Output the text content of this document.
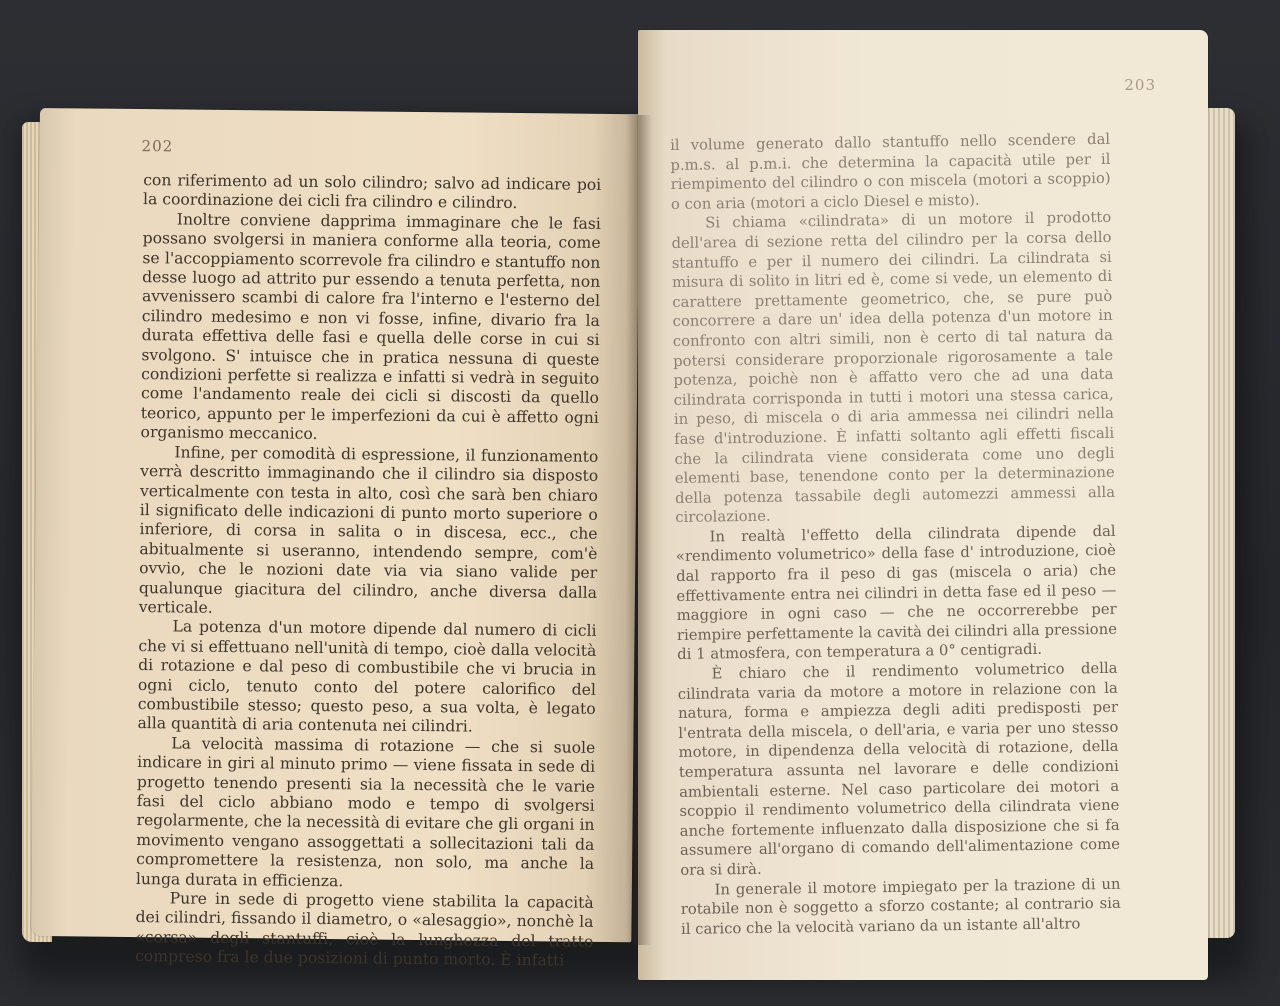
202

con riferimento ad un solo cilindro; salvo ad indicare poi la coordinazione dei cicli fra cilindro e cilindro.

Inoltre conviene dapprima immaginare che le fasi possano svolgersi in maniera conforme alla teoria, come se l'accoppiamento scorrevole fra cilindro e stantuffo non desse luogo ad attrito pur essendo a tenuta perfetta, non avvenissero scambi di calore fra l'interno e l'esterno del cilindro medesimo e non vi fosse, infine, divario fra la durata effettiva delle fasi e quella delle corse in cui si svolgono. S' intuisce che in pratica nessuna di queste condizioni perfette si realizza e infatti si vedrà in seguito come l'andamento reale dei cicli si discosti da quello teorico, appunto per le imperfezioni da cui è affetto ogni organismo meccanico.

Infine, per comodità di espressione, il funzionamento verrà descritto immaginando che il cilindro sia disposto verticalmente con testa in alto, così che sarà ben chiaro il significato delle indicazioni di punto morto superiore o inferiore, di corsa in salita o in discesa, ecc., che abitualmente si useranno, intendendo sempre, com'è ovvio, che le nozioni date via via siano valide per qualunque giacitura del cilindro, anche diversa dalla verticale.

La potenza d'un motore dipende dal numero di cicli che vi si effettuano nell'unità di tempo, cioè dalla velocità di rotazione e dal peso di combustibile che vi brucia in ogni ciclo, tenuto conto del potere calorifico del combustibile stesso; questo peso, a sua volta, è legato alla quantità di aria contenuta nei cilindri.

La velocità massima di rotazione — che si suole indicare in giri al minuto primo — viene fissata in sede di progetto tenendo presenti sia la necessità che le varie fasi del ciclo abbiano modo e tempo di svolgersi regolarmente, che la necessità di evitare che gli organi in movimento vengano assoggettati a sollecitazioni tali da compromettere la resistenza, non solo, ma anche la lunga durata in efficienza.

Pure in sede di progetto viene stabilita la capacità dei cilindri, fissando il diametro, o «alesaggio», nonchè la «corsa» degli stantuffi, cioè la lunghezza del tratto compreso fra le due posizioni di punto morto. È infatti

203

il volume generato dallo stantuffo nello scendere dal p.m.s. al p.m.i. che determina la capacità utile per il riempimento del cilindro o con miscela (motori a scoppio) o con aria (motori a ciclo Diesel e misto).

Si chiama «cilindrata» di un motore il prodotto dell'area di sezione retta del cilindro per la corsa dello stantuffo e per il numero dei cilindri. La cilindrata si misura di solito in litri ed è, come si vede, un elemento di carattere prettamente geometrico, che, se pure può concorrere a dare un' idea della potenza d'un motore in confronto con altri simili, non è certo di tal natura da potersi considerare proporzionale rigorosamente a tale potenza, poichè non è affatto vero che ad una data cilindrata corrisponda in tutti i motori una stessa carica, in peso, di miscela o di aria ammessa nei cilindri nella fase d'introduzione. È infatti soltanto agli effetti fiscali che la cilindrata viene considerata come uno degli elementi base, tenendone conto per la determinazione della potenza tassabile degli automezzi ammessi alla circolazione.

In realtà l'effetto della cilindrata dipende dal «rendimento volumetrico» della fase d' introduzione, cioè dal rapporto fra il peso di gas (miscela o aria) che effettivamente entra nei cilindri in detta fase ed il peso — maggiore in ogni caso — che ne occorrerebbe per riempire perfettamente la cavità dei cilindri alla pressione di 1 atmosfera, con temperatura a 0° centigradi.

È chiaro che il rendimento volumetrico della cilindrata varia da motore a motore in relazione con la natura, forma e ampiezza degli aditi predisposti per l'entrata della miscela, o dell'aria, e varia per uno stesso motore, in dipendenza della velocità di rotazione, della temperatura assunta nel lavorare e delle condizioni ambientali esterne. Nel caso particolare dei motori a scoppio il rendimento volumetrico della cilindrata viene anche fortemente influenzato dalla disposizione che si fa assumere all'organo di comando dell'alimentazione come ora si dirà.

In generale il motore impiegato per la trazione di un rotabile non è soggetto a sforzo costante; al contrario sia il carico che la velocità variano da un istante all'altro
